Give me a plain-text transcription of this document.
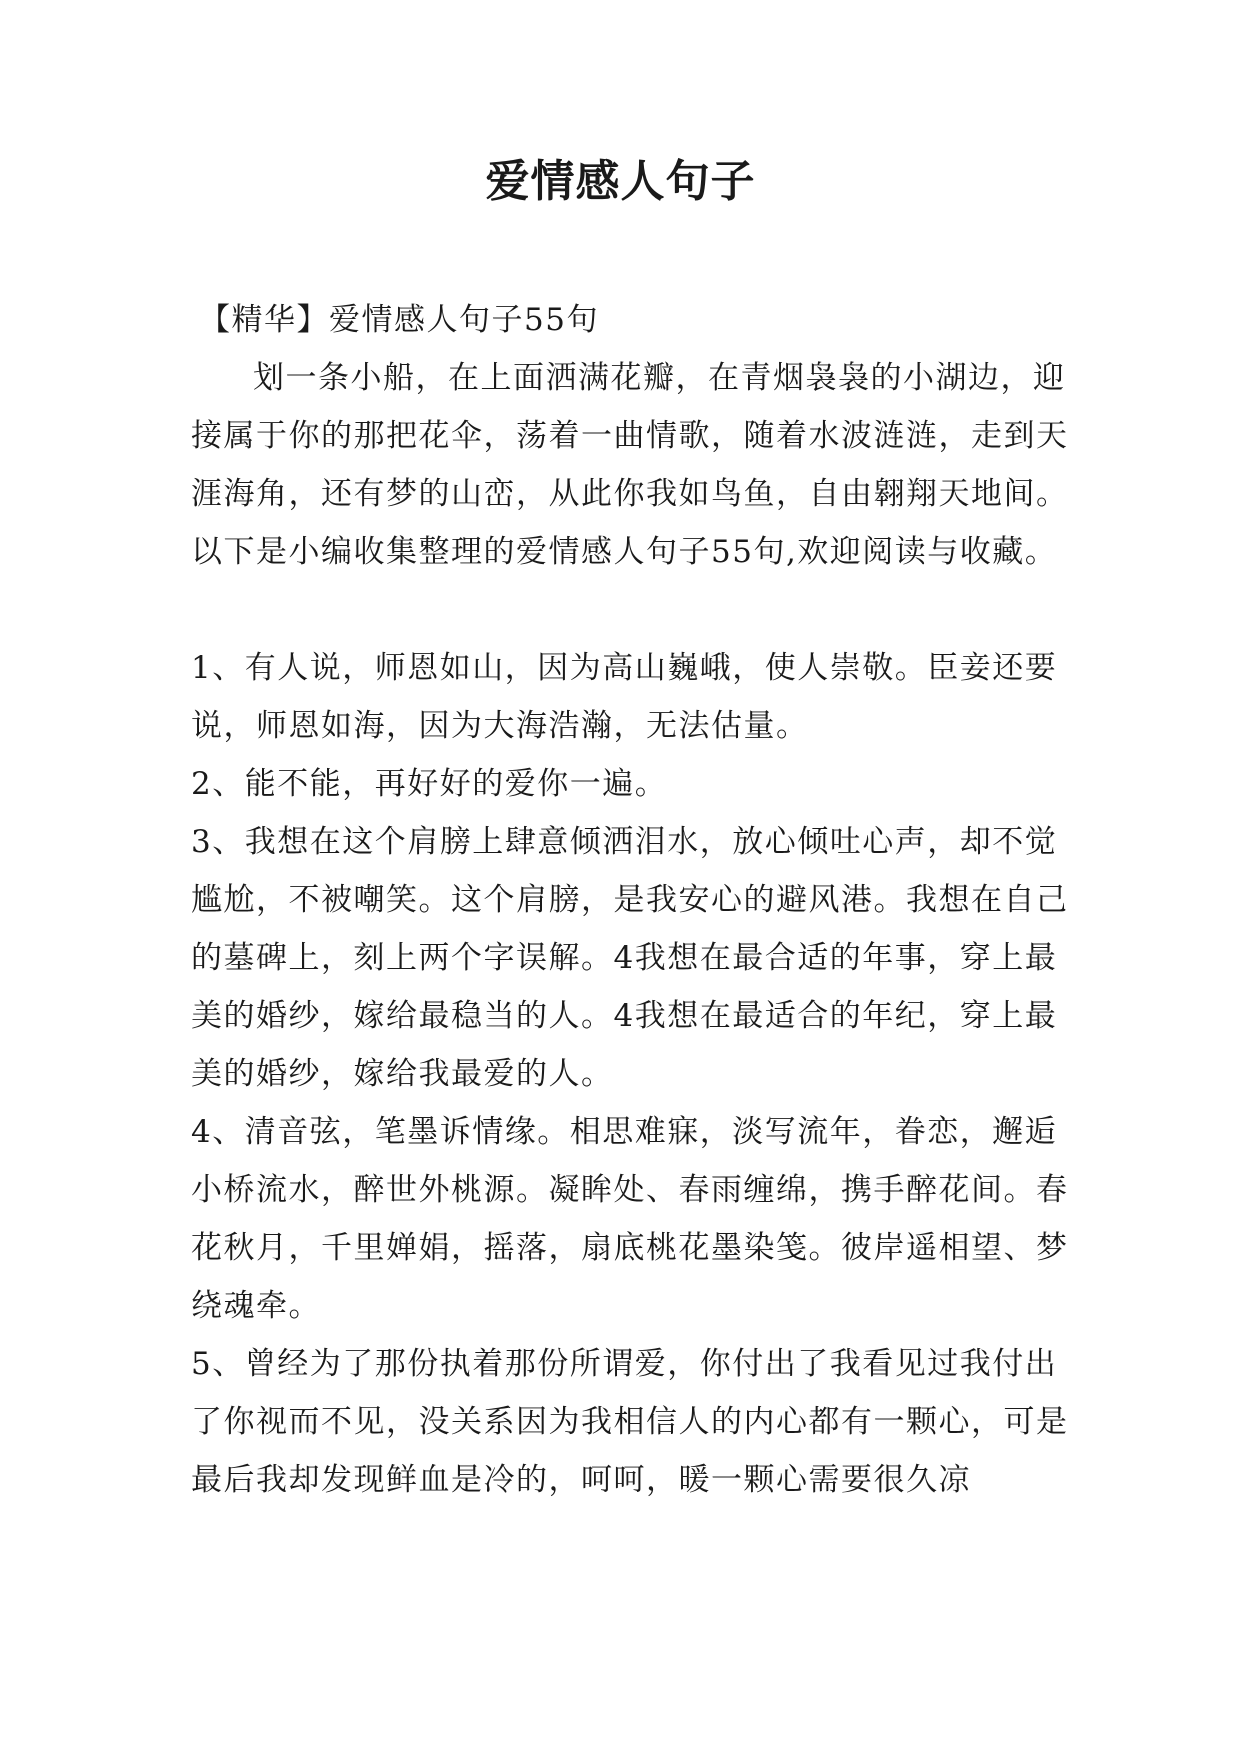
爱情感人句子

【精华】爱情感人句子55句

划一条小船，在上面洒满花瓣，在青烟袅袅的小湖边，迎接属于你的那把花伞，荡着一曲情歌，随着水波涟涟，走到天涯海角，还有梦的山峦，从此你我如鸟鱼，自由翱翔天地间。以下是小编收集整理的爱情感人句子55句,欢迎阅读与收藏。

1、有人说，师恩如山，因为高山巍峨，使人崇敬。臣妾还要说，师恩如海，因为大海浩瀚，无法估量。

2、能不能，再好好的爱你一遍。

3、我想在这个肩膀上肆意倾洒泪水，放心倾吐心声，却不觉尴尬，不被嘲笑。这个肩膀，是我安心的避风港。我想在自己的墓碑上，刻上两个字误解。4我想在最合适的年事，穿上最美的婚纱，嫁给最稳当的人。4我想在最适合的年纪，穿上最美的婚纱，嫁给我最爱的人。

4、清音弦，笔墨诉情缘。相思难寐，淡写流年，眷恋，邂逅小桥流水，醉世外桃源。凝眸处、春雨缠绵，携手醉花间。春花秋月，千里婵娟，摇落，扇底桃花墨染笺。彼岸遥相望、梦绕魂牵。

5、曾经为了那份执着那份所谓爱，你付出了我看见过我付出了你视而不见，没关系因为我相信人的内心都有一颗心，可是最后我却发现鲜血是冷的，呵呵，暖一颗心需要很久凉
